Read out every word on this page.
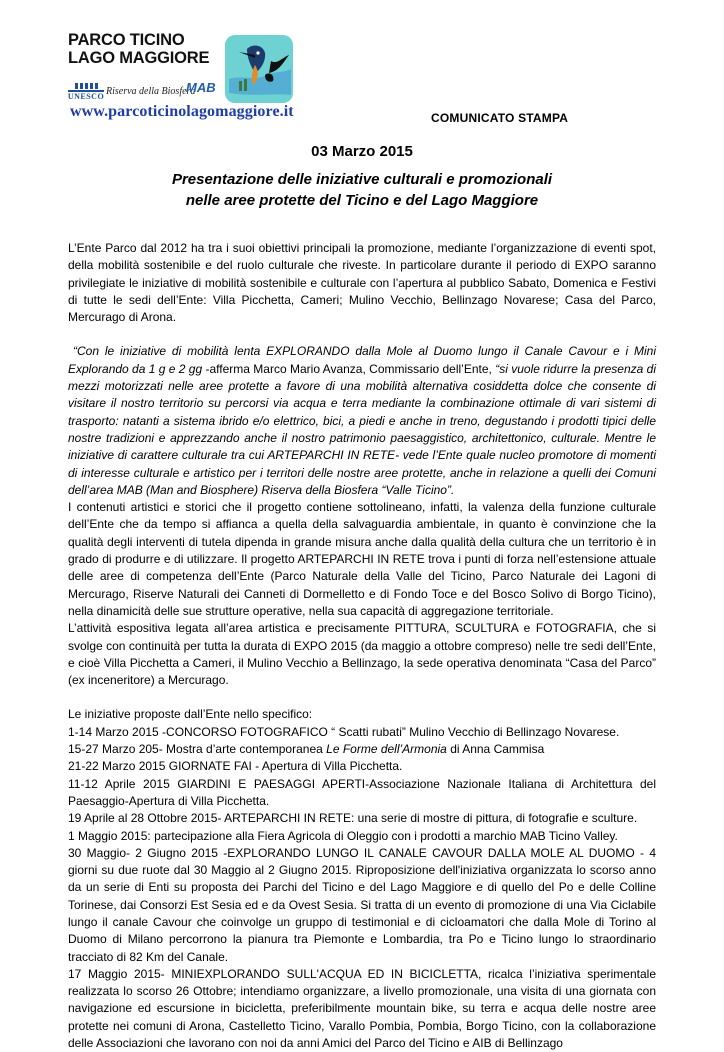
PARCO TICINO
LAGO MAGGIORE
UNESCO Riserva della Biosfera
MAB
www.parcoticinolagomaggiore.it	COMUNICATO STAMPA
03 Marzo 2015
Presentazione delle iniziative culturali e promozionali
nelle aree protette del Ticino e del Lago Maggiore

L’Ente Parco dal 2012 ha tra i suoi obiettivi principali la promozione, mediante l’organizzazione di eventi spot, della mobilità sostenibile e del ruolo culturale che riveste. In particolare durante il periodo di EXPO saranno privilegiate le iniziative di mobilità sostenibile e culturale con l’apertura al pubblico Sabato, Domenica e Festivi di tutte le sedi dell’Ente: Villa Picchetta, Cameri; Mulino Vecchio, Bellinzago Novarese; Casa del Parco, Mercurago di Arona.

“Con le iniziative di mobilità lenta EXPLORANDO dalla Mole al Duomo lungo il Canale Cavour e i Mini Explorando da 1 g e 2 gg -afferma Marco Mario Avanza, Commissario dell’Ente, “si vuole ridurre la presenza di mezzi motorizzati nelle aree protette a favore di una mobilità alternativa cosiddetta dolce che consente di visitare il nostro territorio su percorsi via acqua e terra mediante la combinazione ottimale di vari sistemi di trasporto: natanti a sistema ibrido e/o elettrico, bici, a piedi e anche in treno, degustando i prodotti tipici delle nostre tradizioni e apprezzando anche il nostro patrimonio paesaggistico, architettonico, culturale. Mentre le iniziative di carattere culturale tra cui ARTEPARCHI IN RETE- vede l’Ente quale nucleo promotore di momenti di interesse culturale e artistico per i territori delle nostre aree protette, anche in relazione a quelli dei Comuni dell’area MAB (Man and Biosphere) Riserva della Biosfera “Valle Ticino”.

I contenuti artistici e storici che il progetto contiene sottolineano, infatti, la valenza della funzione culturale dell’Ente che da tempo si affianca a quella della salvaguardia ambientale, in quanto è convinzione che la qualità degli interventi di tutela dipenda in grande misura anche dalla qualità della cultura che un territorio è in grado di produrre e di utilizzare. Il progetto ARTEPARCHI IN RETE trova i punti di forza nell’estensione attuale delle aree di competenza dell’Ente (Parco Naturale della Valle del Ticino, Parco Naturale dei Lagoni di Mercurago, Riserve Naturali dei Canneti di Dormelletto e di Fondo Toce e del Bosco Solivo di Borgo Ticino), nella dinamicità delle sue strutture operative, nella sua capacità di aggregazione territoriale.

L’attività espositiva legata all’area artistica e precisamente PITTURA, SCULTURA e FOTOGRAFIA, che si svolge con continuità per tutta la durata di EXPO 2015 (da maggio a ottobre compreso) nelle tre sedi dell’Ente, e cioè Villa Picchetta a Cameri, il Mulino Vecchio a Bellinzago, la sede operativa denominata “Casa del Parco” (ex inceneritore) a Mercurago.

Le iniziative proposte dall’Ente nello specifico:

1-14 Marzo 2015 -CONCORSO FOTOGRAFICO “ Scatti rubati” Mulino Vecchio di Bellinzago Novarese.

15-27 Marzo 205- Mostra d’arte contemporanea Le Forme dell’Armonia di Anna Cammisa

21-22 Marzo 2015 GIORNATE FAI - Apertura di Villa Picchetta.

11-12 Aprile 2015 GIARDINI E PAESAGGI APERTI-Associazione Nazionale Italiana di Architettura del Paesaggio-Apertura di Villa Picchetta.

19 Aprile al 28 Ottobre 2015- ARTEPARCHI IN RETE: una serie di mostre di pittura, di fotografie e sculture.

1 Maggio 2015: partecipazione alla Fiera Agricola di Oleggio con i prodotti a marchio MAB Ticino Valley.

30 Maggio- 2 Giugno 2015 -EXPLORANDO LUNGO IL CANALE CAVOUR DALLA MOLE AL DUOMO - 4 giorni su due ruote dal 30 Maggio al 2 Giugno 2015. Riproposizione dell'iniziativa organizzata lo scorso anno da un serie di Enti su proposta dei Parchi del Ticino e del Lago Maggiore e di quello del Po e delle Colline Torinese, dai Consorzi Est Sesia ed e da Ovest Sesia. Si tratta di un evento di promozione di una Via Ciclabile lungo il canale Cavour che coinvolge un gruppo di testimonial e di cicloamatori che dalla Mole di Torino al Duomo di Milano percorrono la pianura tra Piemonte e Lombardia, tra Po e Ticino lungo lo straordinario tracciato di 82 Km del Canale.

17 Maggio 2015- MINIEXPLORANDO SULL'ACQUA ED IN BICICLETTA, ricalca l’iniziativa sperimentale realizzata lo scorso 26 Ottobre; intendiamo organizzare, a livello promozionale, una visita di una giornata con navigazione ed escursione in bicicletta, preferibilmente mountain bike, su terra e acqua delle nostre aree protette nei comuni di Arona, Castelletto Ticino, Varallo Pombia, Pombia, Borgo Ticino, con la collaborazione delle Associazioni che lavorano con noi da anni Amici del Parco del Ticino e AIB di Bellinzago
